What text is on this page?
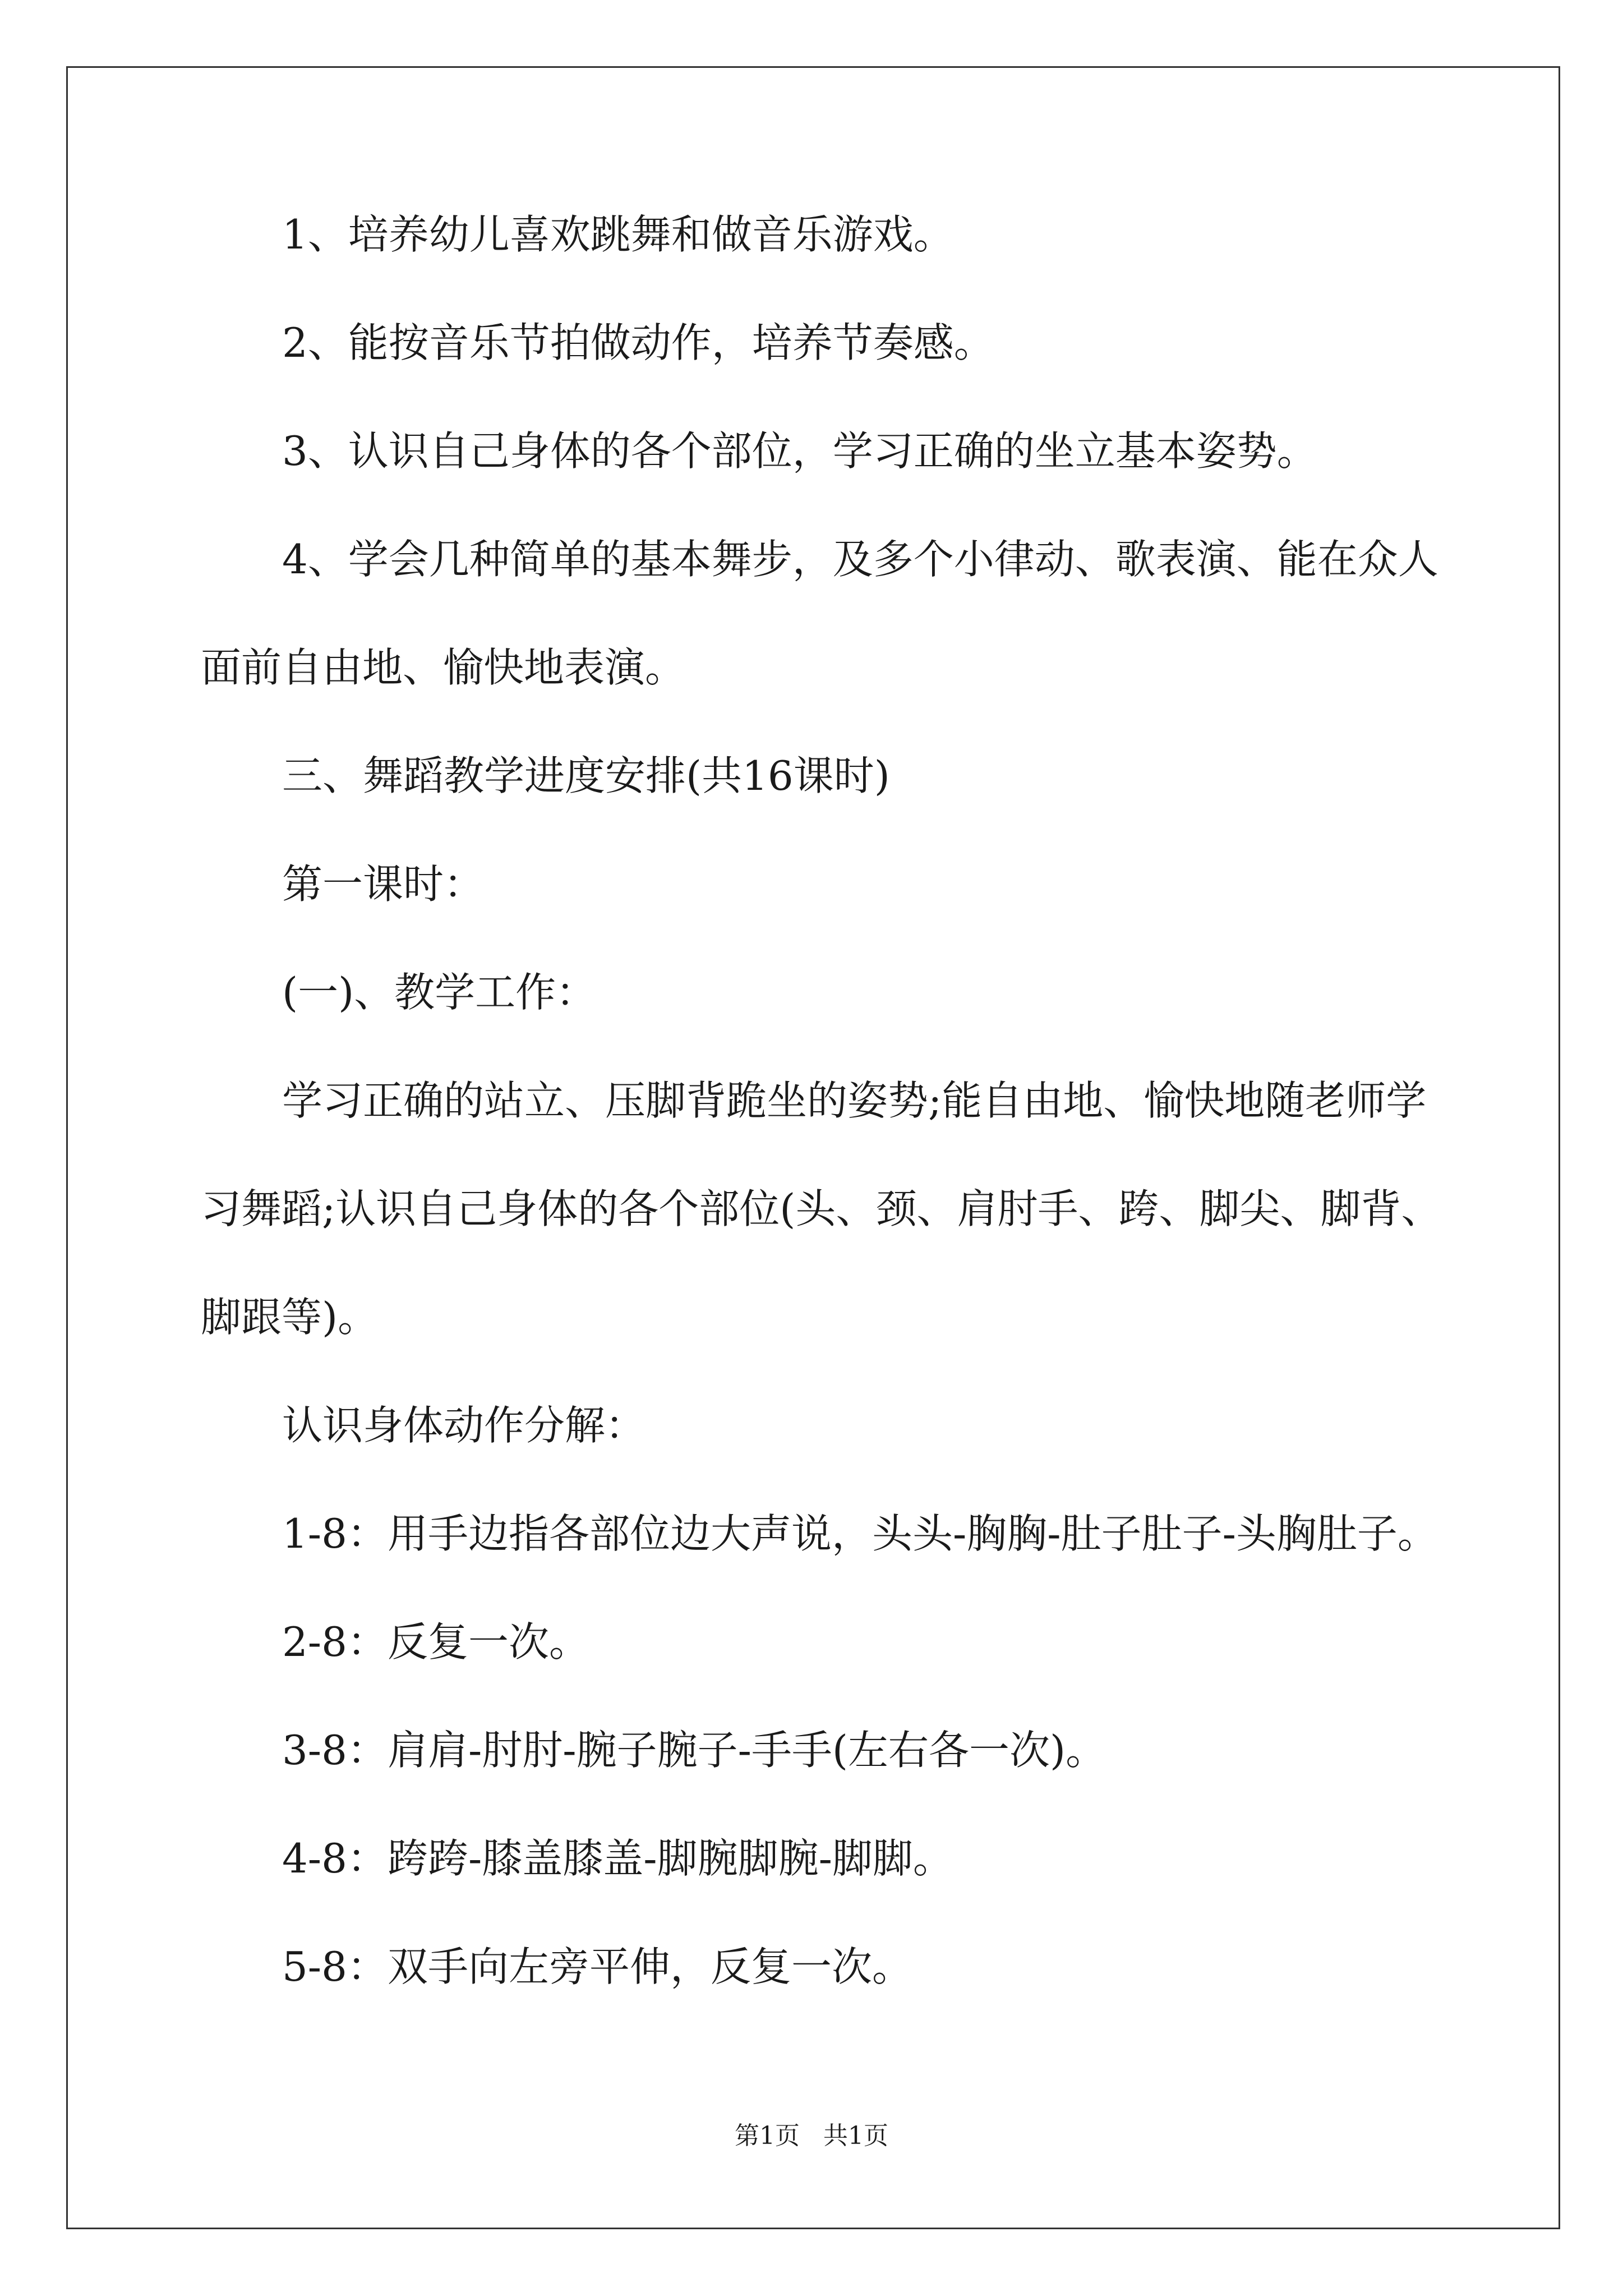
1、培养幼儿喜欢跳舞和做音乐游戏。
2、能按音乐节拍做动作，培养节奏感。
3、认识自己身体的各个部位，学习正确的坐立基本姿势。
4、学会几种简单的基本舞步，及多个小律动、歌表演、能在众人
面前自由地、愉快地表演。
三、舞蹈教学进度安排(共16课时)
第一课时：
(一)、教学工作：
学习正确的站立、压脚背跪坐的姿势;能自由地、愉快地随老师学
习舞蹈;认识自己身体的各个部位(头、颈、肩肘手、跨、脚尖、脚背、
脚跟等)。
认识身体动作分解：
1-8：用手边指各部位边大声说，头头-胸胸-肚子肚子-头胸肚子。
2-8：反复一次。
3-8：肩肩-肘肘-腕子腕子-手手(左右各一次)。
4-8：跨跨-膝盖膝盖-脚腕脚腕-脚脚。
5-8：双手向左旁平伸，反复一次。
第1页 共1页
